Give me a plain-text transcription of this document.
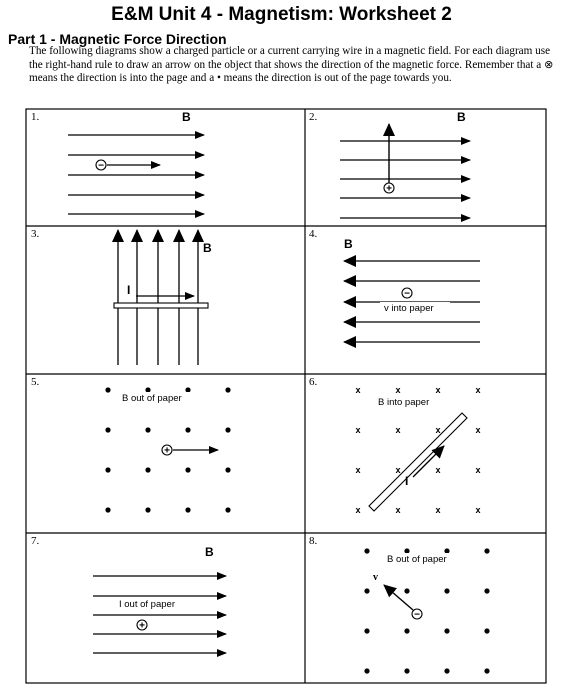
E&M Unit 4 - Magnetism: Worksheet 2
Part 1 - Magnetic Force Direction

The following diagrams show a charged particle or a current carrying wire in a magnetic field. For each diagram use the right-hand rule to draw an arrow on the object that shows the direction of the magnetic force. Remember that a ⊗ means the direction is into the page and a • means the direction is out of the page towards you.

1.	B
−
2.	B
+
3.
B
I
4.
B
−
v into paper
5.
B out of paper
+
6.
x	x	x	x
x	x	x	x
x	x	x	x
x	x	x	x
B into paper
I
7.
B
I out of paper
+
8.
B out of paper
−
v
